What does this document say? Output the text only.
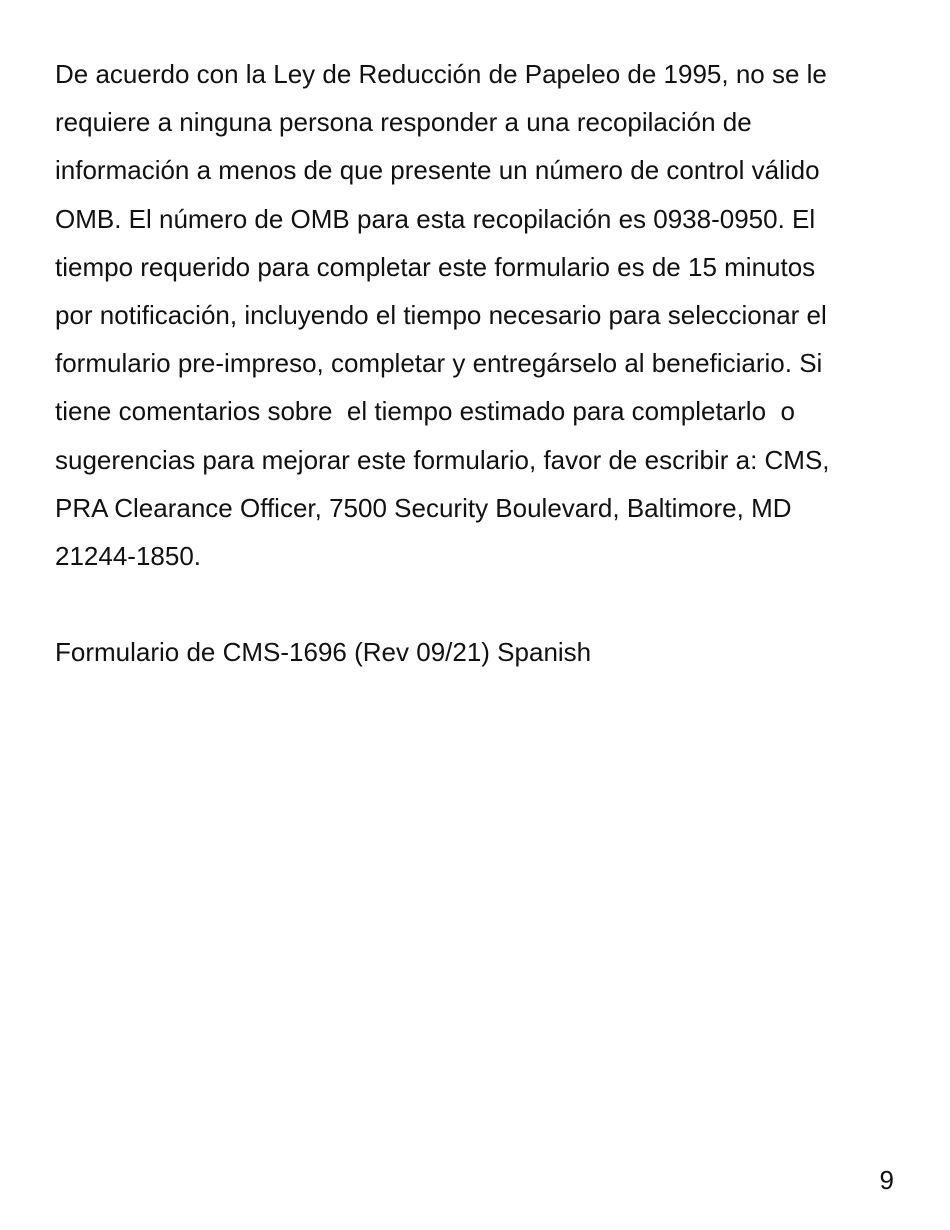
De acuerdo con la Ley de Reducción de Papeleo de 1995, no se le
requiere a ninguna persona responder a una recopilación de
información a menos de que presente un número de control válido
OMB. El número de OMB para esta recopilación es 0938-0950. El
tiempo requerido para completar este formulario es de 15 minutos
por notificación, incluyendo el tiempo necesario para seleccionar el
formulario pre-impreso, completar y entregárselo al beneficiario. Si
tiene comentarios sobre  el tiempo estimado para completarlo  o
sugerencias para mejorar este formulario, favor de escribir a: CMS,
PRA Clearance Officer, 7500 Security Boulevard, Baltimore, MD
21244-1850.

Formulario de CMS-1696 (Rev 09/21) Spanish

9
